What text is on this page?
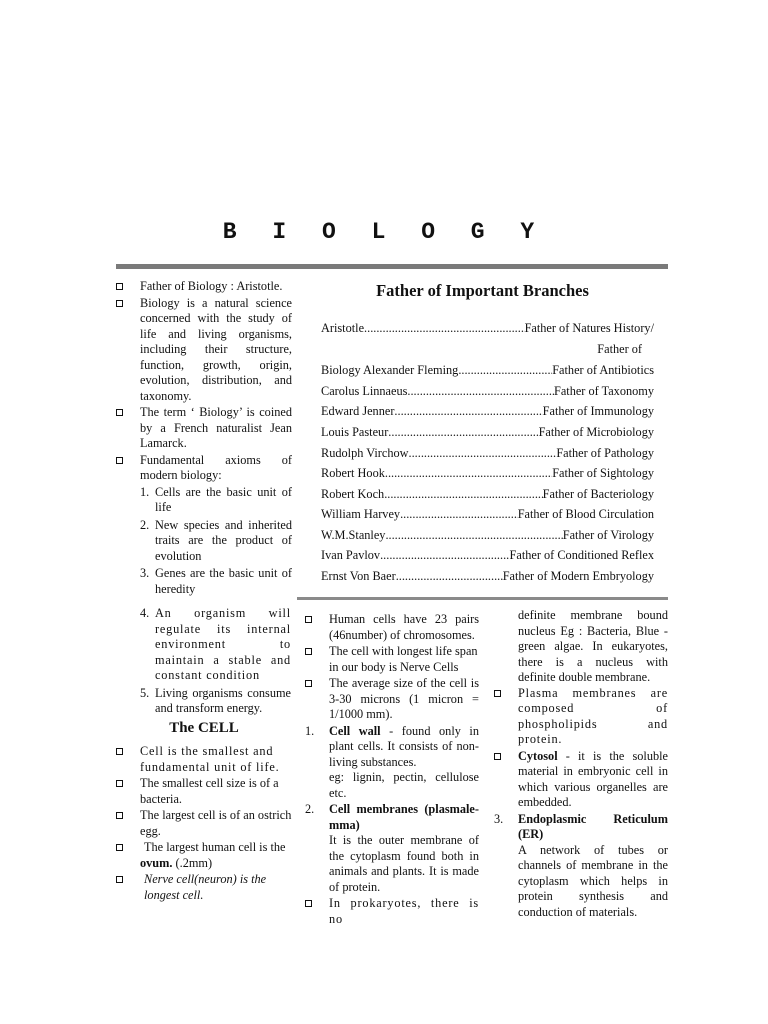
B I O L O G Y
Father of Biology : Aristotle.
Biology is a natural science concerned with the study of life and living organisms, including their structure, function, growth, origin, evolution, distribution, and taxonomy.
The term ‘ Biology’ is coined by a French naturalist Jean Lamarck.
Fundamental axioms of modern biology:
1. Cells are the basic unit of life
2. New species and inherited traits are the product of evolution
3. Genes are the basic unit of heredity
4. An organism will regulate its internal environment to maintain a stable and constant condition
5. Living organisms consume and transform energy.
The CELL
Cell is the smallest and fundamental unit of life.
The smallest cell size is of a bacteria.
The largest cell is of an ostrich egg.
The largest human cell is the ovum. (.2mm)
Nerve cell(neuron) is the longest cell.
Father of Important Branches
Aristotle .....	Father of Natures History/
Father of
Biology Alexander Fleming .....	Father of Antibiotics
Carolus Linnaeus .....	Father of Taxonomy
Edward Jenner .....	Father of Immunology
Louis Pasteur .....	Father of Microbiology
Rudolph Virchow .....	Father of Pathology
Robert Hook .....	Father of Sightology
Robert Koch .....	Father of Bacteriology
William Harvey .....	Father of Blood Circulation
W.M.Stanley .....	Father of Virology
Ivan Pavlov .....	Father of Conditioned Reflex
Ernst Von Baer .....	Father of Modern Embryology
Human cells have 23 pairs (46number) of chromosomes.
The cell with longest life span in our body is Nerve Cells
The average size of the cell is 3-30 microns (1 micron = 1/1000 mm).
1. Cell wall - found only in plant cells. It consists of non-living substances.
eg: lignin, pectin, cellulose etc.
2. Cell membranes (plasmale-mma)
It is the outer membrane of the cytoplasm found both in animals and plants. It is made of protein.
In prokaryotes, there is no
definite membrane bound nucleus Eg : Bacteria, Blue - green algae. In eukaryotes, there is a nucleus with definite double membrane.
Plasma membranes are composed of phospholipids and protein.
Cytosol - it is the soluble material in embryonic cell in which various organelles are embedded.
3. Endoplasmic Reticulum (ER)
A network of tubes or channels of membrane in the cytoplasm which helps in protein synthesis and conduction of materials.
